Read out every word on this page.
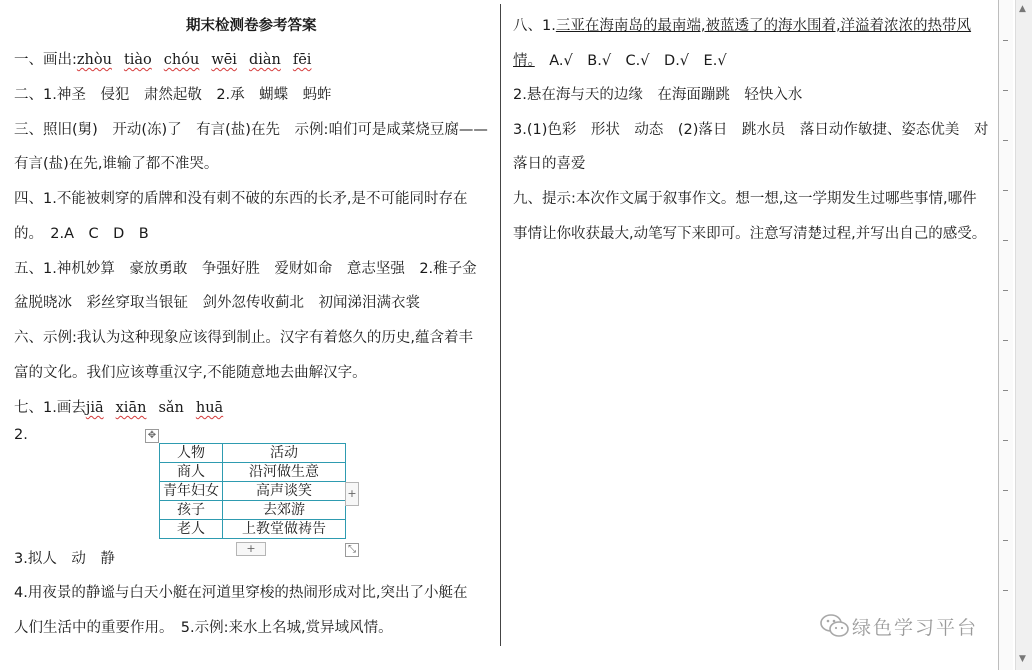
期末检测卷参考答案
一、画出:zhòu tiào chóu wēi diàn fēi
二、1.神圣　侵犯　肃然起敬　2.承　蝴蝶　蚂蚱
三、照旧(舅)　开动(冻)了　有言(盐)在先　示例:咱们可是咸菜烧豆腐——
有言(盐)在先,谁输了都不准哭。
四、1.不能被刺穿的盾牌和没有刺不破的东西的长矛,是不可能同时存在
的。　2.A　C　D　B
五、1.神机妙算　豪放勇敢　争强好胜　爱财如命　意志坚强　2.稚子金
盆脱晓冰　彩丝穿取当银钲　剑外忽传收蓟北　初闻涕泪满衣裳
六、示例:我认为这种现象应该得到制止。汉字有着悠久的历史,蕴含着丰
富的文化。我们应该尊重汉字,不能随意地去曲解汉字。
七、1.画去jiā xiān sǎn huā
2.
3.拟人　动　静
4.用夜景的静谧与白天小艇在河道里穿梭的热闹形成对比,突出了小艇在
人们生活中的重要作用。　5.示例:来水上名城,赏异域风情。
✥
人物	活动
商人	沿河做生意
青年妇女	高声谈笑
孩子	去郊游
老人	上教堂做祷告
+
+	⤡
八、1.三亚在海南岛的最南端,被蓝透了的海水围着,洋溢着浓浓的热带风
情。　A.√　B.√　C.√　D.√　E.√
2.悬在海与天的边缘　在海面蹦跳　轻快入水
3.(1)色彩　形状　动态　(2)落日　跳水员　落日动作敏捷、姿态优美　对
落日的喜爱
九、提示:本次作文属于叙事作文。想一想,这一学期发生过哪些事情,哪件
事情让你收获最大,动笔写下来即可。注意写清楚过程,并写出自己的感受。
▲
▼
绿色学习平台
